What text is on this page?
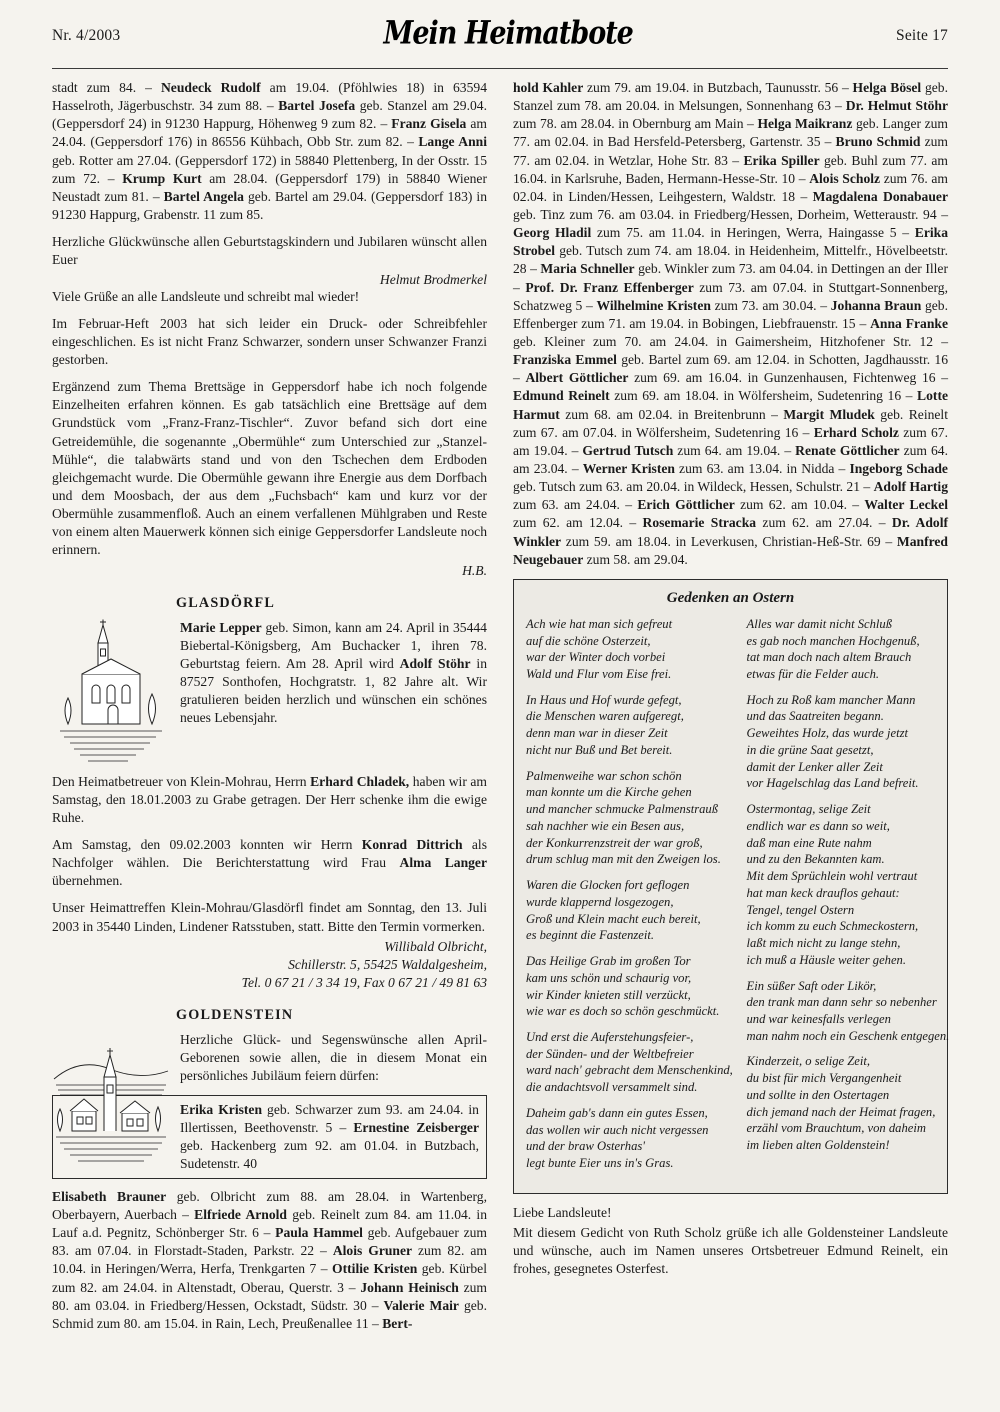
Nr. 4/2003	Mein Heimatbote	Seite 17

stadt zum 84. – Neudeck Rudolf am 19.04. (Pföhlwies 18) in 63594 Hasselroth, Jägerbuschstr. 34 zum 88. – Bartel Josefa geb. Stanzel am 29.04. (Geppersdorf 24) in 91230 Happurg, Höhenweg 9 zum 82. – Franz Gisela am 24.04. (Geppersdorf 176) in 86556 Kühbach, Obb Str. zum 82. – Lange Anni geb. Rotter am 27.04. (Geppersdorf 172) in 58840 Plettenberg, In der Osstr. 15 zum 72. – Krump Kurt am 28.04. (Geppersdorf 179) in 58840 Wiener Neustadt zum 81. – Bartel Angela geb. Bartel am 29.04. (Geppersdorf 183) in 91230 Happurg, Grabenstr. 11 zum 85.

Herzliche Glückwünsche allen Geburtstagskindern und Jubilaren wünscht allen Euer

Helmut Brodmerkel

Viele Grüße an alle Landsleute und schreibt mal wieder!

Im Februar-Heft 2003 hat sich leider ein Druck- oder Schreibfehler eingeschlichen. Es ist nicht Franz Schwarzer, sondern unser Schwanzer Franzi gestorben.

Ergänzend zum Thema Brettsäge in Geppersdorf habe ich noch folgende Einzelheiten erfahren können. Es gab tatsächlich eine Brettsäge auf dem Grundstück vom „Franz-Franz-Tischler“. Zuvor befand sich dort eine Getreidemühle, die sogenannte „Obermühle“ zum Unterschied zur „Stanzel-Mühle“, die talabwärts stand und von den Tschechen dem Erdboden gleichgemacht wurde. Die Obermühle gewann ihre Energie aus dem Dorfbach und dem Moosbach, der aus dem „Fuchsbach“ kam und kurz vor der Obermühle zusammenfloß. Auch an einem verfallenen Mühlgraben und Reste von einem alten Mauerwerk können sich einige Geppersdorfer Landsleute noch erinnern.

H.B.

GLASDÖRFL

Marie Lepper geb. Simon, kann am 24. April in 35444 Biebertal-Königsberg, Am Buchacker 1, ihren 78. Geburtstag feiern. Am 28. April wird Adolf Stöhr in 87527 Sonthofen, Hochgratstr. 1, 82 Jahre alt. Wir gratulieren beiden herzlich und wünschen ein schönes neues Lebensjahr.

Den Heimatbetreuer von Klein-Mohrau, Herrn Erhard Chladek, haben wir am Samstag, den 18.01.2003 zu Grabe getragen. Der Herr schenke ihm die ewige Ruhe.

Am Samstag, den 09.02.2003 konnten wir Herrn Konrad Dittrich als Nachfolger wählen. Die Berichterstattung wird Frau Alma Langer übernehmen.

Unser Heimattreffen Klein-Mohrau/Glasdörfl findet am Sonntag, den 13. Juli 2003 in 35440 Linden, Lindener Ratsstuben, statt. Bitte den Termin vormerken.

Willibald Olbricht,

Schillerstr. 5, 55425 Waldalgesheim,

Tel. 0 67 21 / 3 34 19, Fax 0 67 21 / 49 81 63

GOLDENSTEIN

Herzliche Glück- und Segenswünsche allen April-Geborenen sowie allen, die in diesem Monat ein persönliches Jubiläum feiern dürfen:

Erika Kristen geb. Schwarzer zum 93. am 24.04. in Illertissen, Beethovenstr. 5 – Ernestine Zeisberger geb. Hackenberg zum 92. am 01.04. in Butzbach, Sudetenstr. 40

Elisabeth Brauner geb. Olbricht zum 88. am 28.04. in Wartenberg, Oberbayern, Auerbach – Elfriede Arnold geb. Reinelt zum 84. am 11.04. in Lauf a.d. Pegnitz, Schönberger Str. 6 – Paula Hammel geb. Aufgebauer zum 83. am 07.04. in Florstadt-Staden, Parkstr. 22 – Alois Gruner zum 82. am 10.04. in Heringen/Werra, Herfa, Trenkgarten 7 – Ottilie Kristen geb. Kürbel zum 82. am 24.04. in Altenstadt, Oberau, Querstr. 3 – Johann Heinisch zum 80. am 03.04. in Friedberg/Hessen, Ockstadt, Südstr. 30 – Valerie Mair geb. Schmid zum 80. am 15.04. in Rain, Lech, Preußenallee 11 – Bert-

hold Kahler zum 79. am 19.04. in Butzbach, Taunusstr. 56 – Helga Bösel geb. Stanzel zum 78. am 20.04. in Melsungen, Sonnenhang 63 – Dr. Helmut Stöhr zum 78. am 28.04. in Obernburg am Main – Helga Maikranz geb. Langer zum 77. am 02.04. in Bad Hersfeld-Petersberg, Gartenstr. 35 – Bruno Schmid zum 77. am 02.04. in Wetzlar, Hohe Str. 83 – Erika Spiller geb. Buhl zum 77. am 16.04. in Karlsruhe, Baden, Hermann-Hesse-Str. 10 – Alois Scholz zum 76. am 02.04. in Linden/Hessen, Leihgestern, Waldstr. 18 – Magdalena Donabauer geb. Tinz zum 76. am 03.04. in Friedberg/Hessen, Dorheim, Wetteraustr. 94 – Georg Hladil zum 75. am 11.04. in Heringen, Werra, Haingasse 5 – Erika Strobel geb. Tutsch zum 74. am 18.04. in Heidenheim, Mittelfr., Hövelbeetstr. 28 – Maria Schneller geb. Winkler zum 73. am 04.04. in Dettingen an der Iller – Prof. Dr. Franz Effenberger zum 73. am 07.04. in Stuttgart-Sonnenberg, Schatzweg 5 – Wilhelmine Kristen zum 73. am 30.04. – Johanna Braun geb. Effenberger zum 71. am 19.04. in Bobingen, Liebfrauenstr. 15 – Anna Franke geb. Kleiner zum 70. am 24.04. in Gaimersheim, Hitzhofener Str. 12 – Franziska Emmel geb. Bartel zum 69. am 12.04. in Schotten, Jagdhausstr. 16 – Albert Göttlicher zum 69. am 16.04. in Gunzenhausen, Fichtenweg 16 – Edmund Reinelt zum 69. am 18.04. in Wölfersheim, Sudetenring 16 – Lotte Harmut zum 68. am 02.04. in Breitenbrunn – Margit Mludek geb. Reinelt zum 67. am 07.04. in Wölfersheim, Sudetenring 16 – Erhard Scholz zum 67. am 19.04. – Gertrud Tutsch zum 64. am 19.04. – Renate Göttlicher zum 64. am 23.04. – Werner Kristen zum 63. am 13.04. in Nidda – Ingeborg Schade geb. Tutsch zum 63. am 20.04. in Wildeck, Hessen, Schulstr. 21 – Adolf Hartig zum 63. am 24.04. – Erich Göttlicher zum 62. am 10.04. – Walter Leckel zum 62. am 12.04. – Rosemarie Stracka zum 62. am 27.04. – Dr. Adolf Winkler zum 59. am 18.04. in Leverkusen, Christian-Heß-Str. 69 – Manfred Neugebauer zum 58. am 29.04.

Gedenken an Ostern
Ach wie hat man sich gefreut
auf die schöne Osterzeit,
war der Winter doch vorbei
Wald und Flur vom Eise frei.
In Haus und Hof wurde gefegt,
die Menschen waren aufgeregt,
denn man war in dieser Zeit
nicht nur Buß und Bet bereit.
Palmenweihe war schon schön
man konnte um die Kirche gehen
und mancher schmucke Palmenstrauß
sah nachher wie ein Besen aus,
der Konkurrenzstreit der war groß,
drum schlug man mit den Zweigen los.
Waren die Glocken fort geflogen
wurde klappernd losgezogen,
Groß und Klein macht euch bereit,
es beginnt die Fastenzeit.
Das Heilige Grab im großen Tor
kam uns schön und schaurig vor,
wir Kinder knieten still verzückt,
wie war es doch so schön geschmückt.
Und erst die Auferstehungsfeier-,
der Sünden- und der Weltbefreier
ward nach' gebracht dem Menschenkind,
die andachtsvoll versammelt sind.
Daheim gab's dann ein gutes Essen,
das wollen wir auch nicht vergessen
und der braw Osterhas'
legt bunte Eier uns in's Gras.
Alles war damit nicht Schluß
es gab noch manchen Hochgenuß,
tat man doch nach altem Brauch
etwas für die Felder auch.
Hoch zu Roß kam mancher Mann
und das Saatreiten begann.
Geweihtes Holz, das wurde jetzt
in die grüne Saat gesetzt,
damit der Lenker aller Zeit
vor Hagelschlag das Land befreit.
Ostermontag, selige Zeit
endlich war es dann so weit,
daß man eine Rute nahm
und zu den Bekannten kam.
Mit dem Sprüchlein wohl vertraut
hat man keck drauflos gehaut:
Tengel, tengel Ostern
ich komm zu euch Schmeckostern,
laßt mich nicht zu lange stehn,
ich muß a Häusle weiter gehen.
Ein süßer Saft oder Likör,
den trank man dann sehr so nebenher
und war keinesfalls verlegen
man nahm noch ein Geschenk entgegen.
Kinderzeit, o selige Zeit,
du bist für mich Vergangenheit
und sollte in den Ostertagen
dich jemand nach der Heimat fragen,
erzähl vom Brauchtum, von daheim
im lieben alten Goldenstein!

Liebe Landsleute!

Mit diesem Gedicht von Ruth Scholz grüße ich alle Goldensteiner Landsleute und wünsche, auch im Namen unseres Ortsbetreuer Edmund Reinelt, ein frohes, gesegnetes Osterfest.
